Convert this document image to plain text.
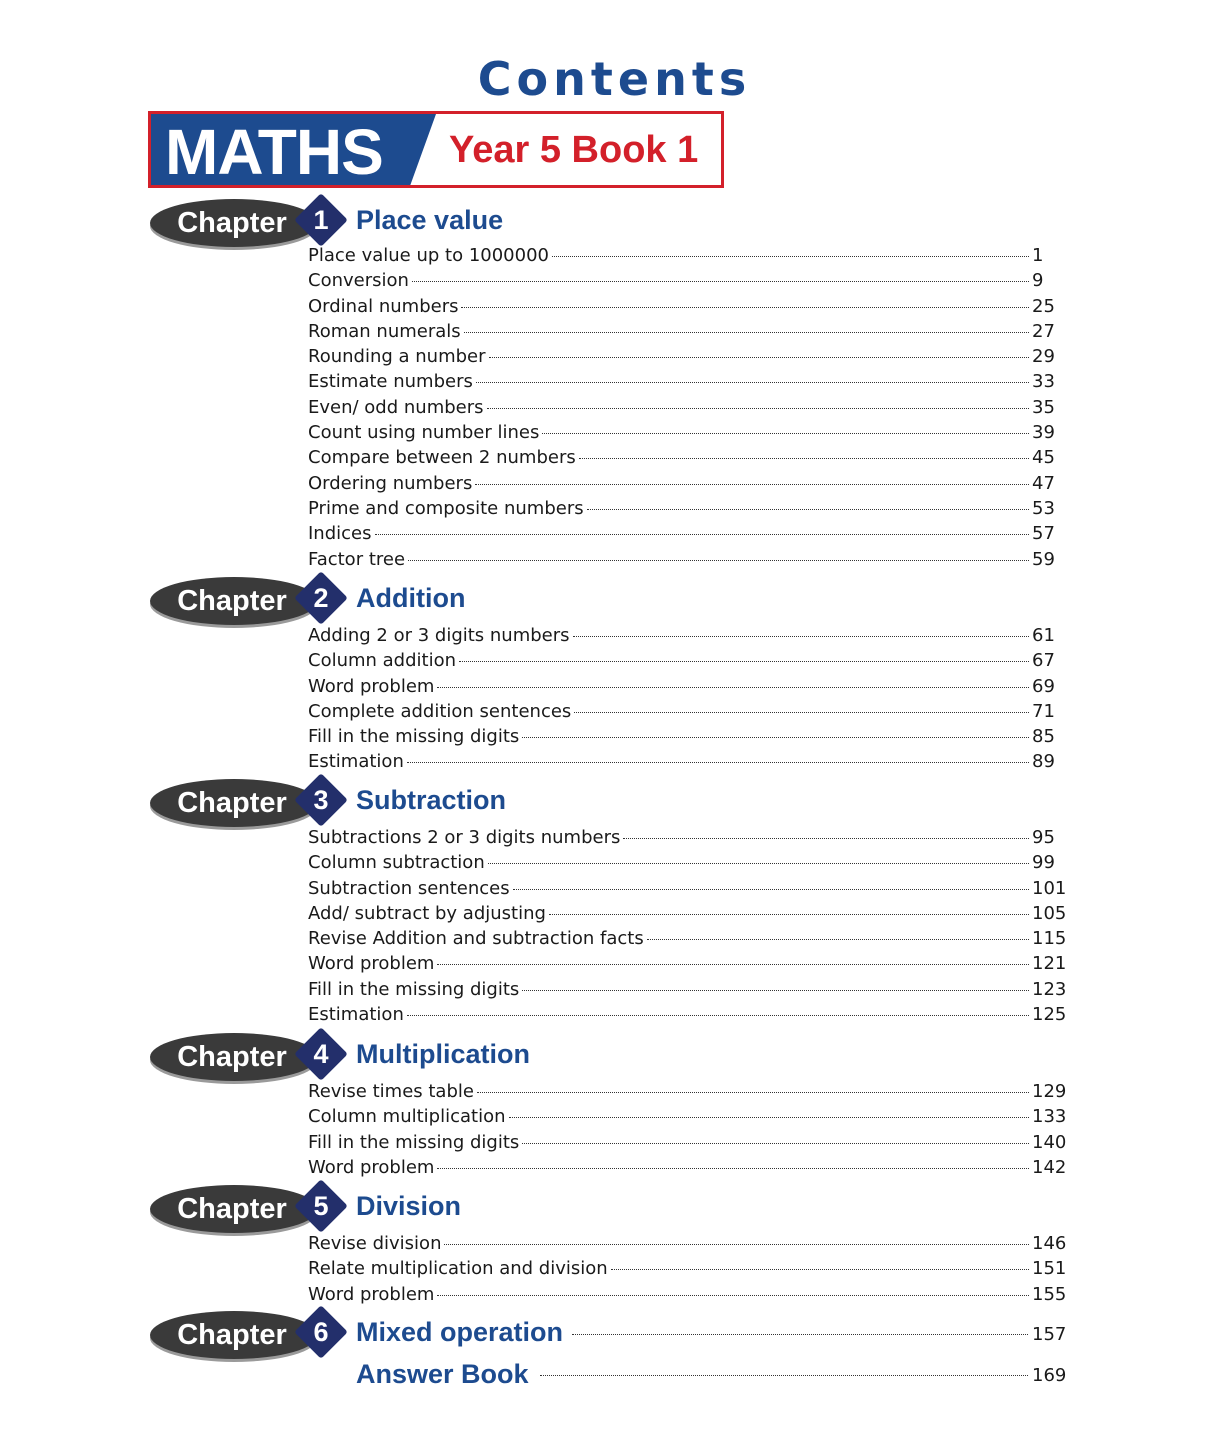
Contents
MATHS Year 5 Book 1
Chapter 1	Place value
Place value up to 1000000	1
Conversion	9
Ordinal numbers	25
Roman numerals	27
Rounding a number	29
Estimate numbers	33
Even/ odd numbers	35
Count using number lines	39
Compare between 2 numbers	45
Ordering numbers	47
Prime and composite numbers	53
Indices	57
Factor tree	59
Chapter 2	Addition
Adding 2 or 3 digits numbers	61
Column addition	67
Word problem	69
Complete addition sentences	71
Fill in the missing digits	85
Estimation	89
Chapter 3	Subtraction
Subtractions 2 or 3 digits numbers	95
Column subtraction	99
Subtraction sentences	101
Add/ subtract by adjusting	105
Revise Addition and subtraction facts	115
Word problem	121
Fill in the missing digits	123
Estimation	125
Chapter 4	Multiplication
Revise times table	129
Column multiplication	133
Fill in the missing digits	140
Word problem	142
Chapter 5	Division
Revise division	146
Relate multiplication and division	151
Word problem	155
Chapter 6	Mixed operation	157
Answer Book	169
